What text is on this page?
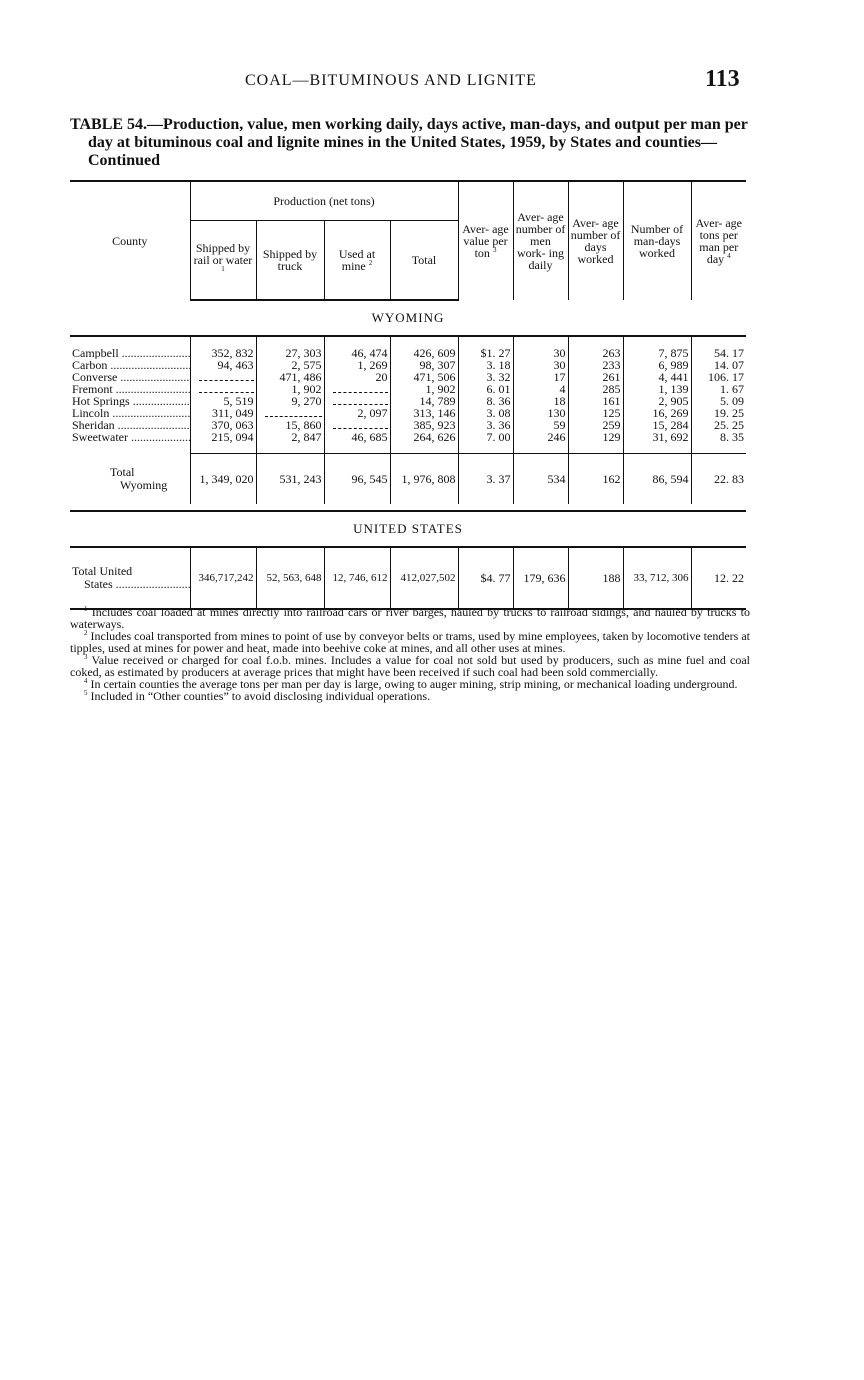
COAL—BITUMINOUS AND LIGNITE	113
TABLE 54.—Production, value, men working daily, days active, man-days, and output per man per day at bituminous coal and lignite mines in the United States, 1959, by States and counties—Continued
County	Production (net tons)				Aver- age value per ton $^3$	Aver- age number of men work- ing daily	Aver- age number of days worked	Number of man-days worked	Aver- age tons per man per day $^4$
	Shipped by rail or water $^1$	Shipped by truck	Used at mine $^2$	Total					
WYOMING									

Campbell .....	352, 832	27, 303	46, 474	426, 609	$1. 27	30	263	7, 875	54. 17
Carbon .....	94, 463	2, 575	1, 269	98, 307	3. 18	30	233	6, 989	14. 07
Converse .....		471, 486	20	471, 506	3. 32	17	261	4, 441	106. 17
Fremont .....		1, 902		1, 902	6. 01	4	285	1, 139	1. 67
Hot Springs .....	5, 519	9, 270		14, 789	8. 36	18	161	2, 905	5. 09
Lincoln .....	311, 049		2, 097	313, 146	3. 08	130	125	16, 269	19. 25
Sheridan .....	370, 063	15, 860		385, 923	3. 36	59	259	15, 284	25. 25
Sweetwater .....	215, 094	2, 847	46, 685	264, 626	7. 00	246	129	31, 692	8. 35

Total
Wyoming	1, 349, 020	531, 243	96, 545	1, 976, 808	3. 37	534	162	86, 594	22. 83

UNITED STATES									

Total United
States .....	346,717,242	52, 563, 648	12, 746, 612	412,027,502	$4. 77	179, 636	188	33, 712, 306	12. 22

$^1$ Includes coal loaded at mines directly into railroad cars or river barges, hauled by trucks to railroad sidings, and hauled by trucks to waterways.

$^2$ Includes coal transported from mines to point of use by conveyor belts or trams, used by mine employees, taken by locomotive tenders at tipples, used at mines for power and heat, made into beehive coke at mines, and all other uses at mines.

$^3$ Value received or charged for coal f.o.b. mines. Includes a value for coal not sold but used by producers, such as mine fuel and coal coked, as estimated by producers at average prices that might have been received if such coal had been sold commercially.

$^4$ In certain counties the average tons per man per day is large, owing to auger mining, strip mining, or mechanical loading underground.

$^5$ Included in “Other counties” to avoid disclosing individual operations.
